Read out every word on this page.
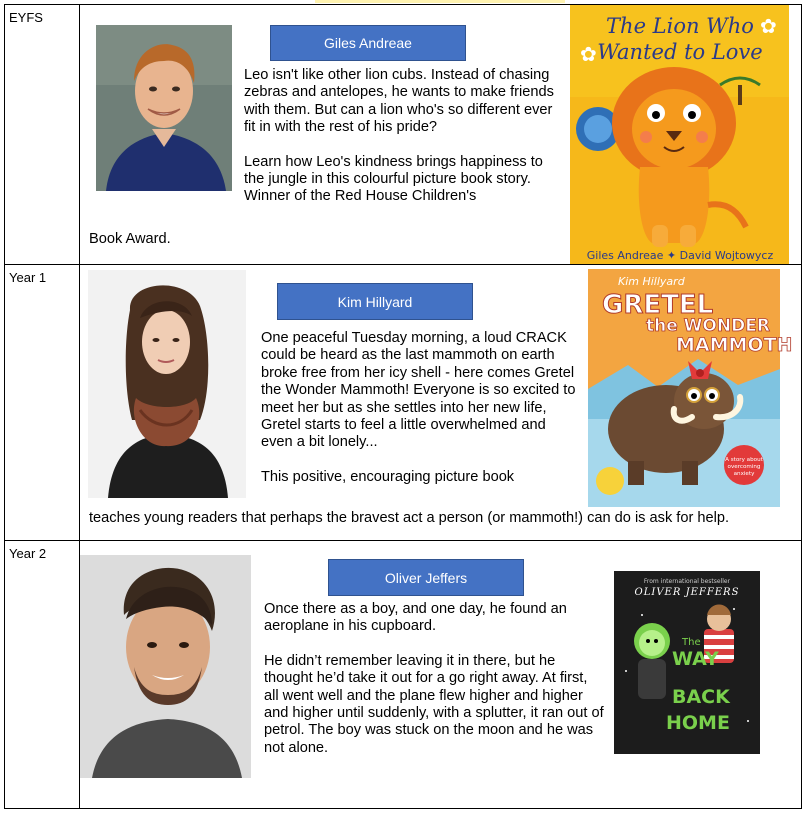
EYFS
Giles Andreae

Leo isn't like other lion cubs. Instead of chasing zebras and antelopes, he wants to make friends with them. But can a lion who's so different ever fit in with the rest of his pride?

Learn how Leo's kindness brings happiness to the jungle in this colourful picture book story. Winner of the Red House Children's

Book Award.
The Lion Who
Wanted to Love
✿
✿
Giles Andreae ✦ David Wojtowycz
Year 1
Kim Hillyard

One peaceful Tuesday morning, a loud CRACK could be heard as the last mammoth on earth broke free from her icy shell - here comes Gretel the Wonder Mammoth! Everyone is so excited to meet her but as she settles into her new life, Gretel starts to feel a little overwhelmed and even a bit lonely...

This positive, encouraging picture book

teaches young readers that perhaps the bravest act a person (or mammoth!) can do is ask for help.
Kim Hillyard
GRETEL
the WONDER
MAMMOTH
A story about overcoming anxiety
Year 2
Oliver Jeffers

Once there as a boy, and one day, he found an aeroplane in his cupboard.

He didn’t remember leaving it in there, but he thought he’d take it out for a go right away. At first, all went well and the plane flew higher and higher and higher until suddenly, with a splutter, it ran out of petrol. The boy was stuck on the moon and he was not alone.

From international bestseller
OLIVER JEFFERS
The
WAY
BACK
HOME
